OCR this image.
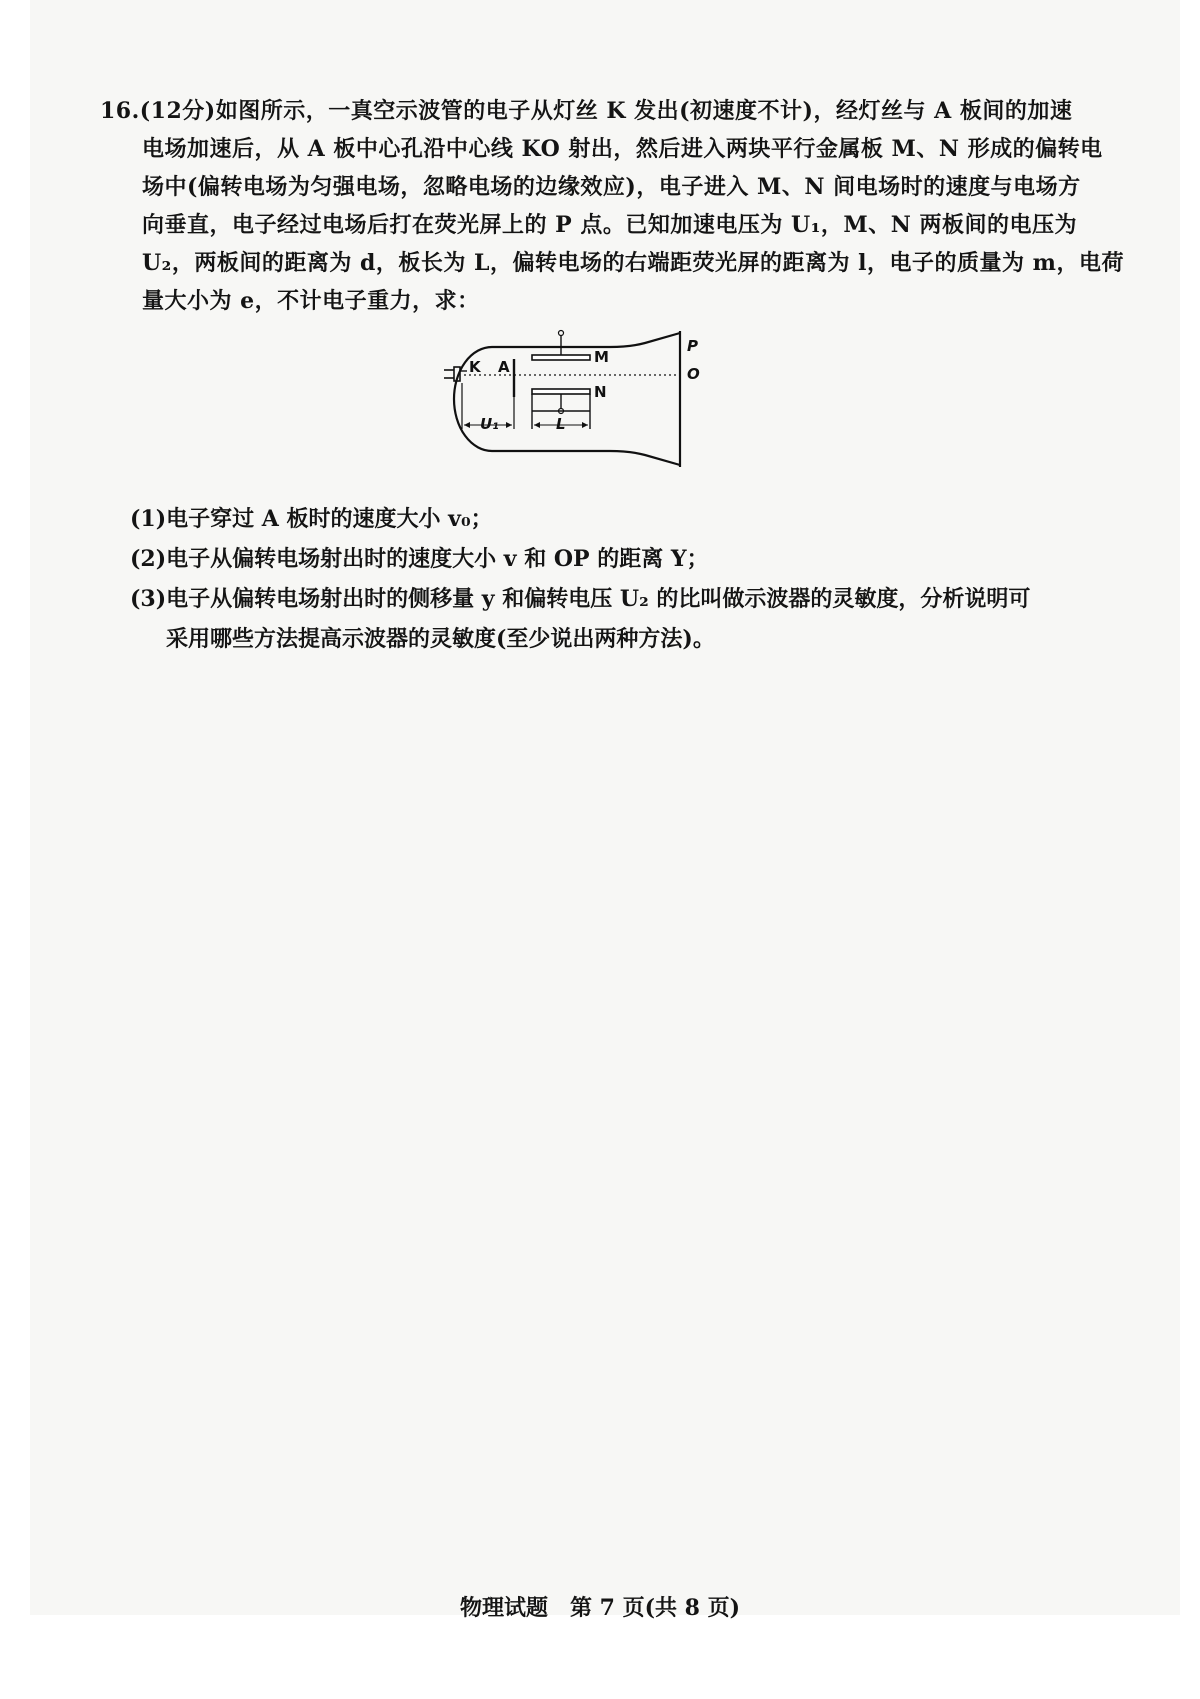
16.(12分)如图所示，一真空示波管的电子从灯丝 K 发出(初速度不计)，经灯丝与 A 板间的加速
电场加速后，从 A 板中心孔沿中心线 KO 射出，然后进入两块平行金属板 M、N 形成的偏转电
场中(偏转电场为匀强电场，忽略电场的边缘效应)，电子进入 M、N 间电场时的速度与电场方
向垂直，电子经过电场后打在荧光屏上的 P 点。已知加速电压为 U₁，M、N 两板间的电压为
U₂，两板间的距离为 d，板长为 L，偏转电场的右端距荧光屏的距离为 l，电子的质量为 m，电荷
量大小为 e，不计电子重力，求：
K A
M
N
P
O
U₁	L
(1)电子穿过 A 板时的速度大小 v₀；
(2)电子从偏转电场射出时的速度大小 v 和 OP 的距离 Y；
(3)电子从偏转电场射出时的侧移量 y 和偏转电压 U₂ 的比叫做示波器的灵敏度，分析说明可
采用哪些方法提高示波器的灵敏度(至少说出两种方法)。
物理试题　第 7 页(共 8 页)
